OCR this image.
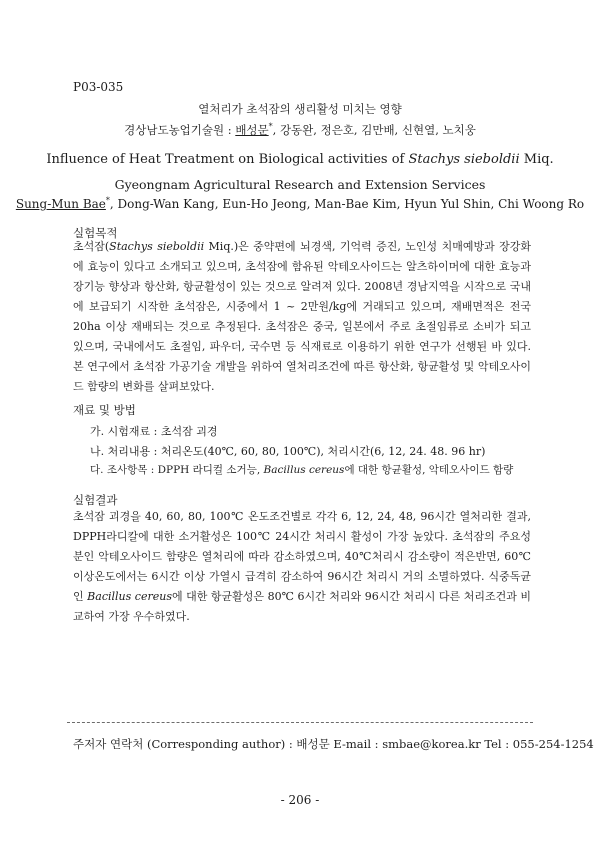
P03-035
열처리가 초석잠의 생리활성 미치는 영향
경상남도농업기술원 : 배성문*, 강동완, 정은호, 김만배, 신현열, 노치웅
Influence of Heat Treatment on Biological activities of Stachys sieboldii Miq.
Gyeongnam Agricultural Research and Extension Services
Sung-Mun Bae*, Dong-Wan Kang, Eun-Ho Jeong, Man-Bae Kim, Hyun Yul Shin, Chi Woong Ro
실험목적

초석잠(Stachys sieboldii Miq.)은 중약편에 뇌경색, 기억력 증진, 노인성 치매예방과 장강화에 효능이 있다고 소개되고 있으며, 초석잠에 함유된 악테오사이드는 알츠하이머에 대한 효능과 장기능 향상과 항산화, 항균활성이 있는 것으로 알려져 있다. 2008년 경남지역을 시작으로 국내에 보급되기 시작한 초석잠은, 시중에서 1 ~ 2만원/kg에 거래되고 있으며, 재배면적은 전국 20ha 이상 재배되는 것으로 추정된다. 초석잠은 중국, 일본에서 주로 초절임류로 소비가 되고 있으며, 국내에서도 초절임, 파우더, 국수면 등 식재료로 이용하기 위한 연구가 선행된 바 있다. 본 연구에서 초석잠 가공기술 개발을 위하여 열처리조건에 따른 항산화, 항균활성 및 악테오사이드 함량의 변화를 살펴보았다.

재료 및 방법
가. 시험재료 : 초석잠 괴경
나. 처리내용 : 처리온도(40℃, 60, 80, 100℃), 처리시간(6, 12, 24. 48. 96 hr)
다. 조사항목 : DPPH 라디컬 소거능, Bacillus cereus에 대한 항균활성, 악테오사이드 함량
실험결과

초석잠 괴경을 40, 60, 80, 100℃ 온도조건별로 각각 6, 12, 24, 48, 96시간 열처리한 결과, DPPH라디칼에 대한 소거활성은 100℃ 24시간 처리시 활성이 가장 높았다. 초석잠의 주요성분인 악테오사이드 함량은 열처리에 따라 감소하였으며, 40℃처리시 감소량이 적은반면, 60℃이상온도에서는 6시간 이상 가열시 급격히 감소하여 96시간 처리시 거의 소멸하였다. 식중독균인 Bacillus cereus에 대한 항균활성은 80℃ 6시간 처리와 96시간 처리시 다른 처리조건과 비교하여 가장 우수하였다.

주저자 연락처 (Corresponding author) : 배성문 E-mail : smbae@korea.kr Tel : 055-254-1254
- 206 -
